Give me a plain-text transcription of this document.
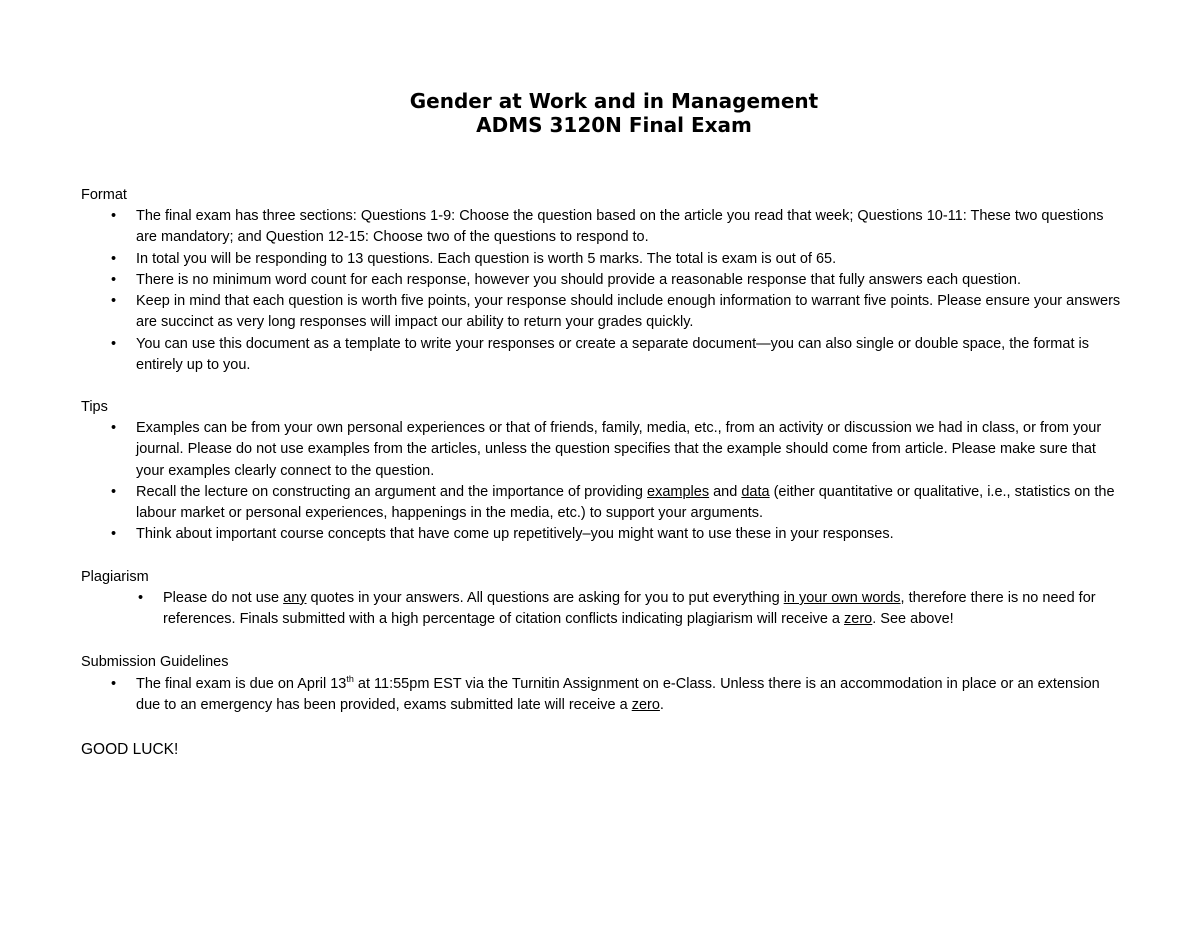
Gender at Work and in Management
ADMS 3120N Final Exam
Format
• The final exam has three sections: Questions 1-9: Choose the question based on the article you read that week; Questions 10-11: These two questions are mandatory; and Question 12-15: Choose two of the questions to respond to.
• In total you will be responding to 13 questions. Each question is worth 5 marks. The total is exam is out of 65.
• There is no minimum word count for each response, however you should provide a reasonable response that fully answers each question.
• Keep in mind that each question is worth five points, your response should include enough information to warrant five points. Please ensure your answers are succinct as very long responses will impact our ability to return your grades quickly.
• You can use this document as a template to write your responses or create a separate document—you can also single or double space, the format is entirely up to you.
Tips
• Examples can be from your own personal experiences or that of friends, family, media, etc., from an activity or discussion we had in class, or from your journal. Please do not use examples from the articles, unless the question specifies that the example should come from article. Please make sure that your examples clearly connect to the question.
• Recall the lecture on constructing an argument and the importance of providing examples and data (either quantitative or qualitative, i.e., statistics on the labour market or personal experiences, happenings in the media, etc.) to support your arguments.
• Think about important course concepts that have come up repetitively–you might want to use these in your responses.
Plagiarism
• Please do not use any quotes in your answers. All questions are asking for you to put everything in your own words, therefore there is no need for references. Finals submitted with a high percentage of citation conflicts indicating plagiarism will receive a zero. See above!
Submission Guidelines
• The final exam is due on April 13th at 11:55pm EST via the Turnitin Assignment on e-Class. Unless there is an accommodation in place or an extension due to an emergency has been provided, exams submitted late will receive a zero.
GOOD LUCK!
